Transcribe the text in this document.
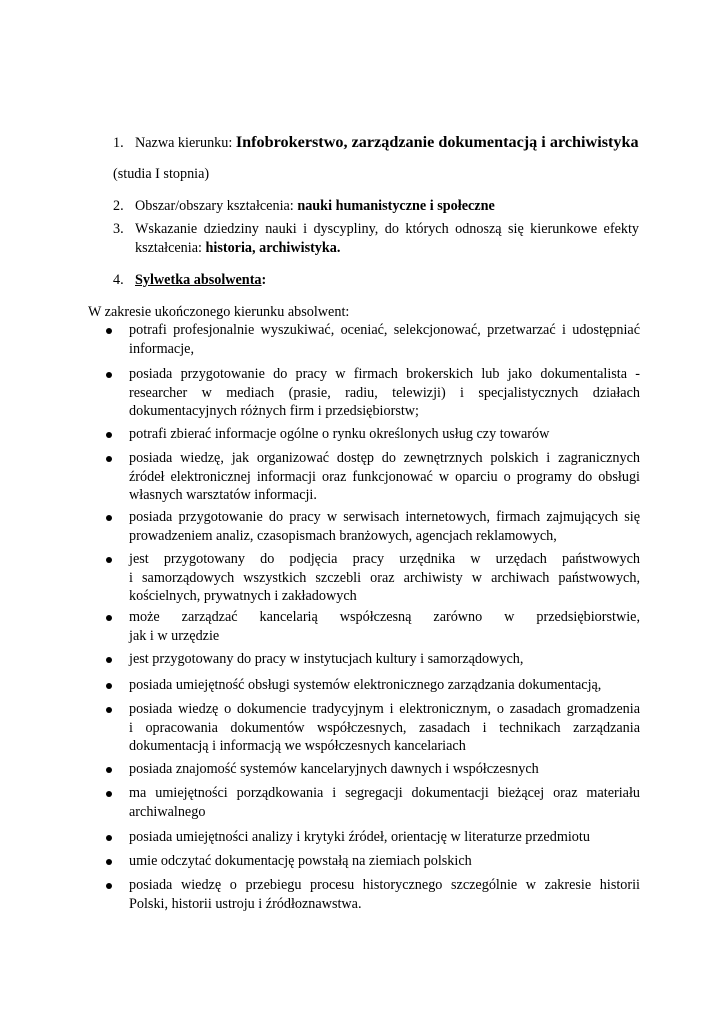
1. Nazwa kierunku: Infobrokerstwo, zarządzanie dokumentacją i archiwistyka
(studia I stopnia)
2. Obszar/obszary kształcenia: nauki humanistyczne i społeczne
3. Wskazanie dziedziny nauki i dyscypliny, do których odnoszą się kierunkowe efekty
kształcenia: historia, archiwistyka.
4. Sylwetka absolwenta:
W zakresie ukończonego kierunku absolwent:
potrafi profesjonalnie wyszukiwać, oceniać, selekcjonować, przetwarzać i udostępniać
informacje,
posiada przygotowanie do pracy w firmach brokerskich lub jako dokumentalista -
researcher w mediach (prasie, radiu, telewizji) i specjalistycznych działach
dokumentacyjnych różnych firm i przedsiębiorstw;
potrafi zbierać informacje ogólne o rynku określonych usług czy towarów
posiada wiedzę, jak organizować dostęp do zewnętrznych polskich i zagranicznych
źródeł elektronicznej informacji oraz funkcjonować w oparciu o programy do obsługi
własnych warsztatów informacji.
posiada przygotowanie do pracy w serwisach internetowych, firmach zajmujących się
prowadzeniem analiz, czasopismach branżowych, agencjach reklamowych,
jest przygotowany do podjęcia pracy urzędnika w urzędach państwowych
i samorządowych wszystkich szczebli oraz archiwisty w archiwach państwowych,
kościelnych, prywatnych i zakładowych
może zarządzać kancelarią współczesną zarówno w przedsiębiorstwie,
jak i w urzędzie
jest przygotowany do pracy w instytucjach kultury i samorządowych,
posiada umiejętność obsługi systemów elektronicznego zarządzania dokumentacją,
posiada wiedzę o dokumencie tradycyjnym i elektronicznym, o zasadach gromadzenia
i opracowania dokumentów współczesnych, zasadach i technikach zarządzania
dokumentacją i informacją we współczesnych kancelariach
posiada znajomość systemów kancelaryjnych dawnych i współczesnych
ma umiejętności porządkowania i segregacji dokumentacji bieżącej oraz materiału
archiwalnego
posiada umiejętności analizy i krytyki źródeł, orientację w literaturze przedmiotu
umie odczytać dokumentację powstałą na ziemiach polskich
posiada wiedzę o przebiegu procesu historycznego szczególnie w zakresie historii
Polski, historii ustroju i źródłoznawstwa.
